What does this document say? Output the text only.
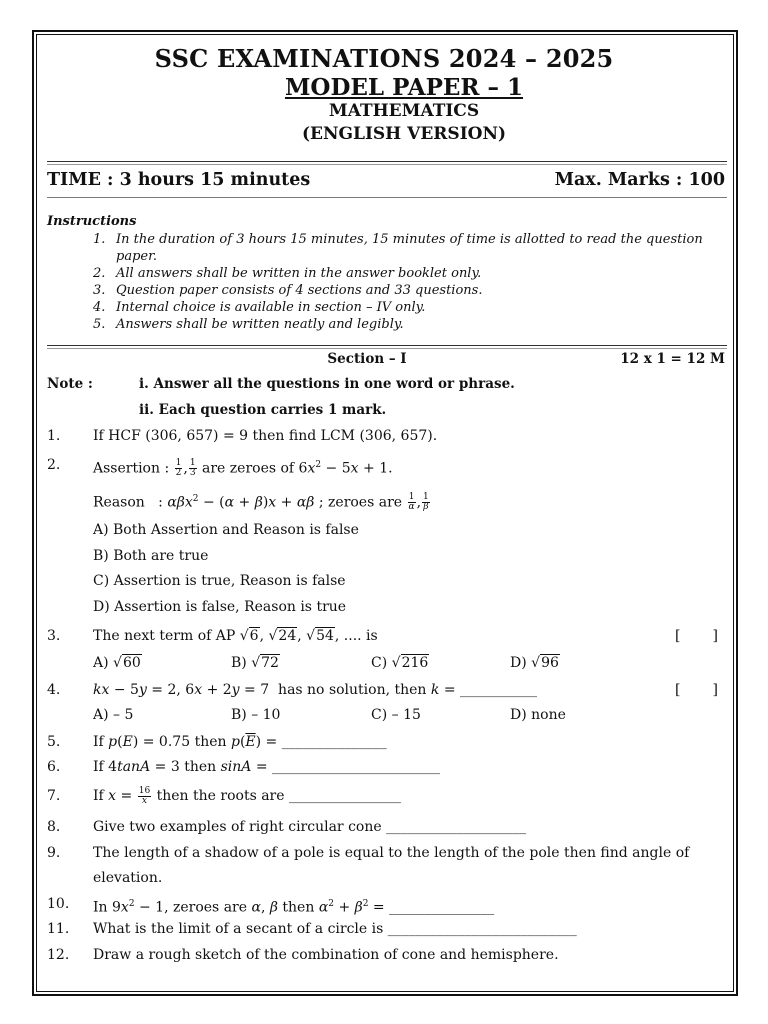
SSC EXAMINATIONS 2024 – 2025
MODEL PAPER – 1
MATHEMATICS
(ENGLISH VERSION)
TIME : 3 hours 15 minutes	Max. Marks : 100
Instructions
1. In the duration of 3 hours 15 minutes, 15 minutes of time is allotted to read the question paper.
2. All answers shall be written in the answer booklet only.
3. Question paper consists of 4 sections and 33 questions.
4. Internal choice is available in section – IV only.
5. Answers shall be written neatly and legibly.
Section – I	12 x 1 = 12 M
Note :	i. Answer all the questions in one word or phrase.
ii. Each question carries 1 mark.
1. If HCF (306, 657) = 9 then find LCM (306, 657).
2. Assertion : $\frac{1}{2}$ , $\frac{1}{3}$ are zeroes of $6x^2 - 5x + 1$.
Reason   : αβx$^2$ − (α + β)x + αβ ; zeroes are $\frac{1}{\alpha}$ , $\frac{1}{\beta}$
A) Both Assertion and Reason is false
B) Both are true
C) Assertion is true, Reason is false
D) Assertion is false, Reason is true
3. The next term of AP √6, √24, √54, .... is	[ ]
A) √60	B) √72	C) √216	D) √96
4. kx − 5y = 2, 6x + 2y = 7  has no solution, then k = ___________	[ ]
A) – 5	B) – 10	C) – 15	D) none
5. If p(E) = 0.75 then $p(\overline{E})$ = _______________
6. If 4tanA = 3 then sinA = ________________________
7. If $x = \frac{16}{x}$ then the roots are ________________
8. Give two examples of right circular cone ____________________
9. The length of a shadow of a pole is equal to the length of the pole then find angle of elevation.
10. In $9x^2 - 1$, zeroes are α, β then $\alpha^2 + \beta^2$ = _______________
11. What is the limit of a secant of a circle is ___________________________
12. Draw a rough sketch of the combination of cone and hemisphere.
